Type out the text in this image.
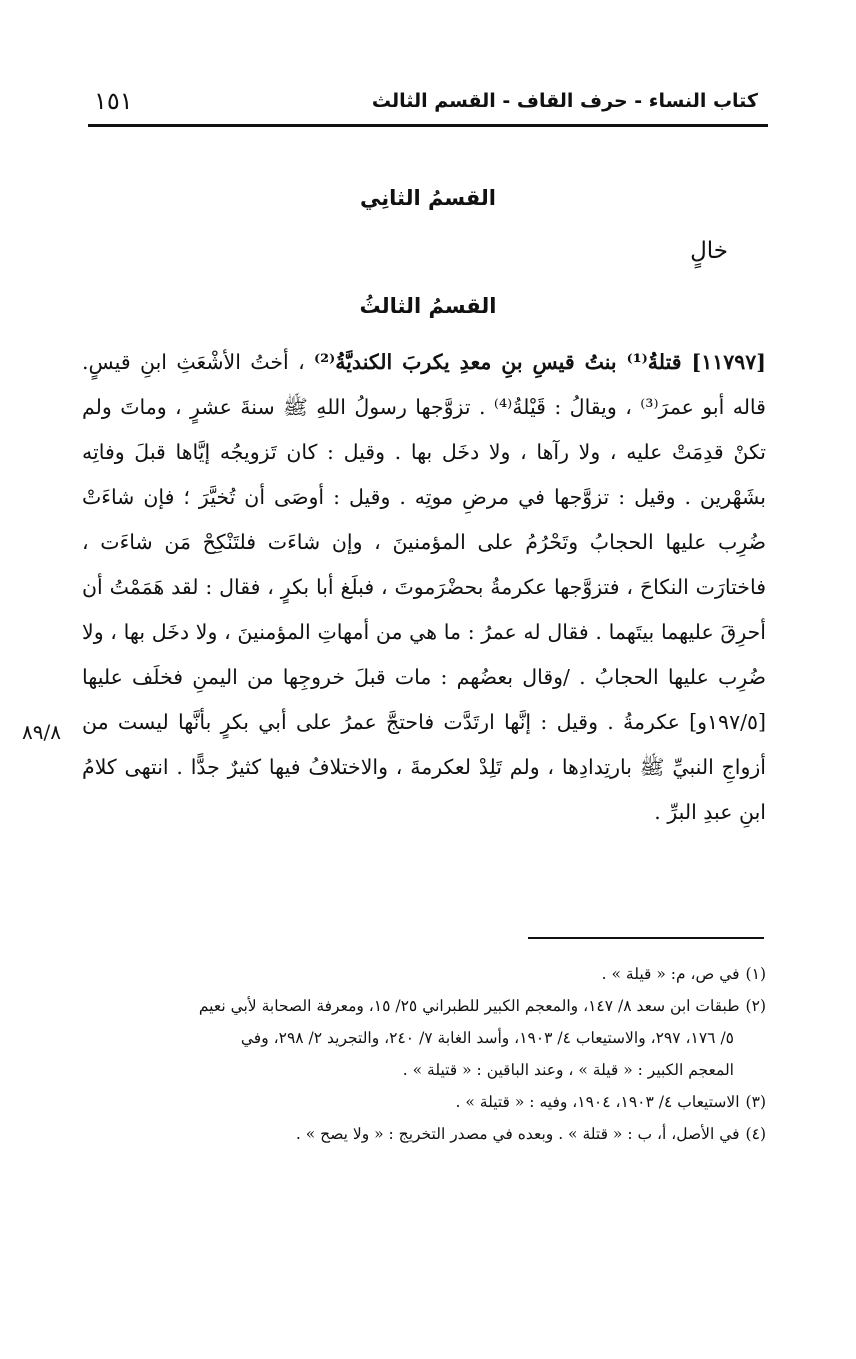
كتاب النساء - حرف القاف - القسم الثالث
١٥١
القسمُ الثانِي
خالٍ
القسمُ الثالثُ

[١١٧٩٧] قتلةُ⁽¹⁾ بنتُ قيسِ بنِ معدِ يكربَ الكنديَّةُ⁽²⁾ ، أختُ الأشْعَثِ ابنِ قيسٍ. قاله أبو عمرَ⁽³⁾ ، ويقالُ : قَيْلةُ⁽⁴⁾ . تزوَّجها رسولُ اللهِ ﷺ سنةَ عشرٍ ، وماتَ ولم تكنْ قدِمَتْ عليه ، ولا رآها ، ولا دخَل بها . وقيل : كان تَزويجُه إيَّاها قبلَ وفاتِه بشَهْرين . وقيل : تزوَّجها في مرضِ موتِه . وقيل : أوصَى أن تُخيَّرَ ؛ فإن شاءَتْ ضُرِب عليها الحجابُ وتَحْرُمُ على المؤمنينَ ، وإن شاءَت فلتَنْكِحْ مَن شاءَت ، فاختارَت النكاحَ ، فتزوَّجها عكرمةُ بحضْرَموتَ ، فبلَغ أبا بكرٍ ، فقال : لقد هَمَمْتُ أن أحرِقَ عليهما بيتَهما . فقال له عمرُ : ما هي من أمهاتِ المؤمنينَ ، ولا دخَل بها ، ولا ضُرِب عليها الحجابُ . /وقال بعضُهم : مات قبلَ خروجِها من اليمنِ فخلَف عليها [١٩٧/٥و] عكرمةُ . وقيل : إنَّها ارتَدَّت فاحتجَّ عمرُ على أبي بكرٍ بأنَّها ليست من أزواجِ النبيِّ ﷺ بارتِدادِها ، ولم تَلِدْ لعكرمةَ ، والاختلافُ فيها كثيرٌ جدًّا . انتهى كلامُ ابنِ عبدِ البرِّ .

٨٩/٨

(١)في ص، م: « قيلة » .

(٢)طبقات ابن سعد ٨/ ١٤٧، والمعجم الكبير للطبراني ٢٥/ ١٥، ومعرفة الصحابة لأبي نعيم

٥/ ١٧٦، ٢٩٧، والاستيعاب ٤/ ١٩٠٣، وأسد الغابة ٧/ ٢٤٠، والتجريد ٢/ ٢٩٨، وفي

المعجم الكبير : « قيلة » ، وعند الباقين : « قتيلة » .

(٣)الاستيعاب ٤/ ١٩٠٣، ١٩٠٤، وفيه : « قتيلة » .

(٤)في الأصل، أ، ب : « قتلة » . وبعده في مصدر التخريج : « ولا يصح » .
